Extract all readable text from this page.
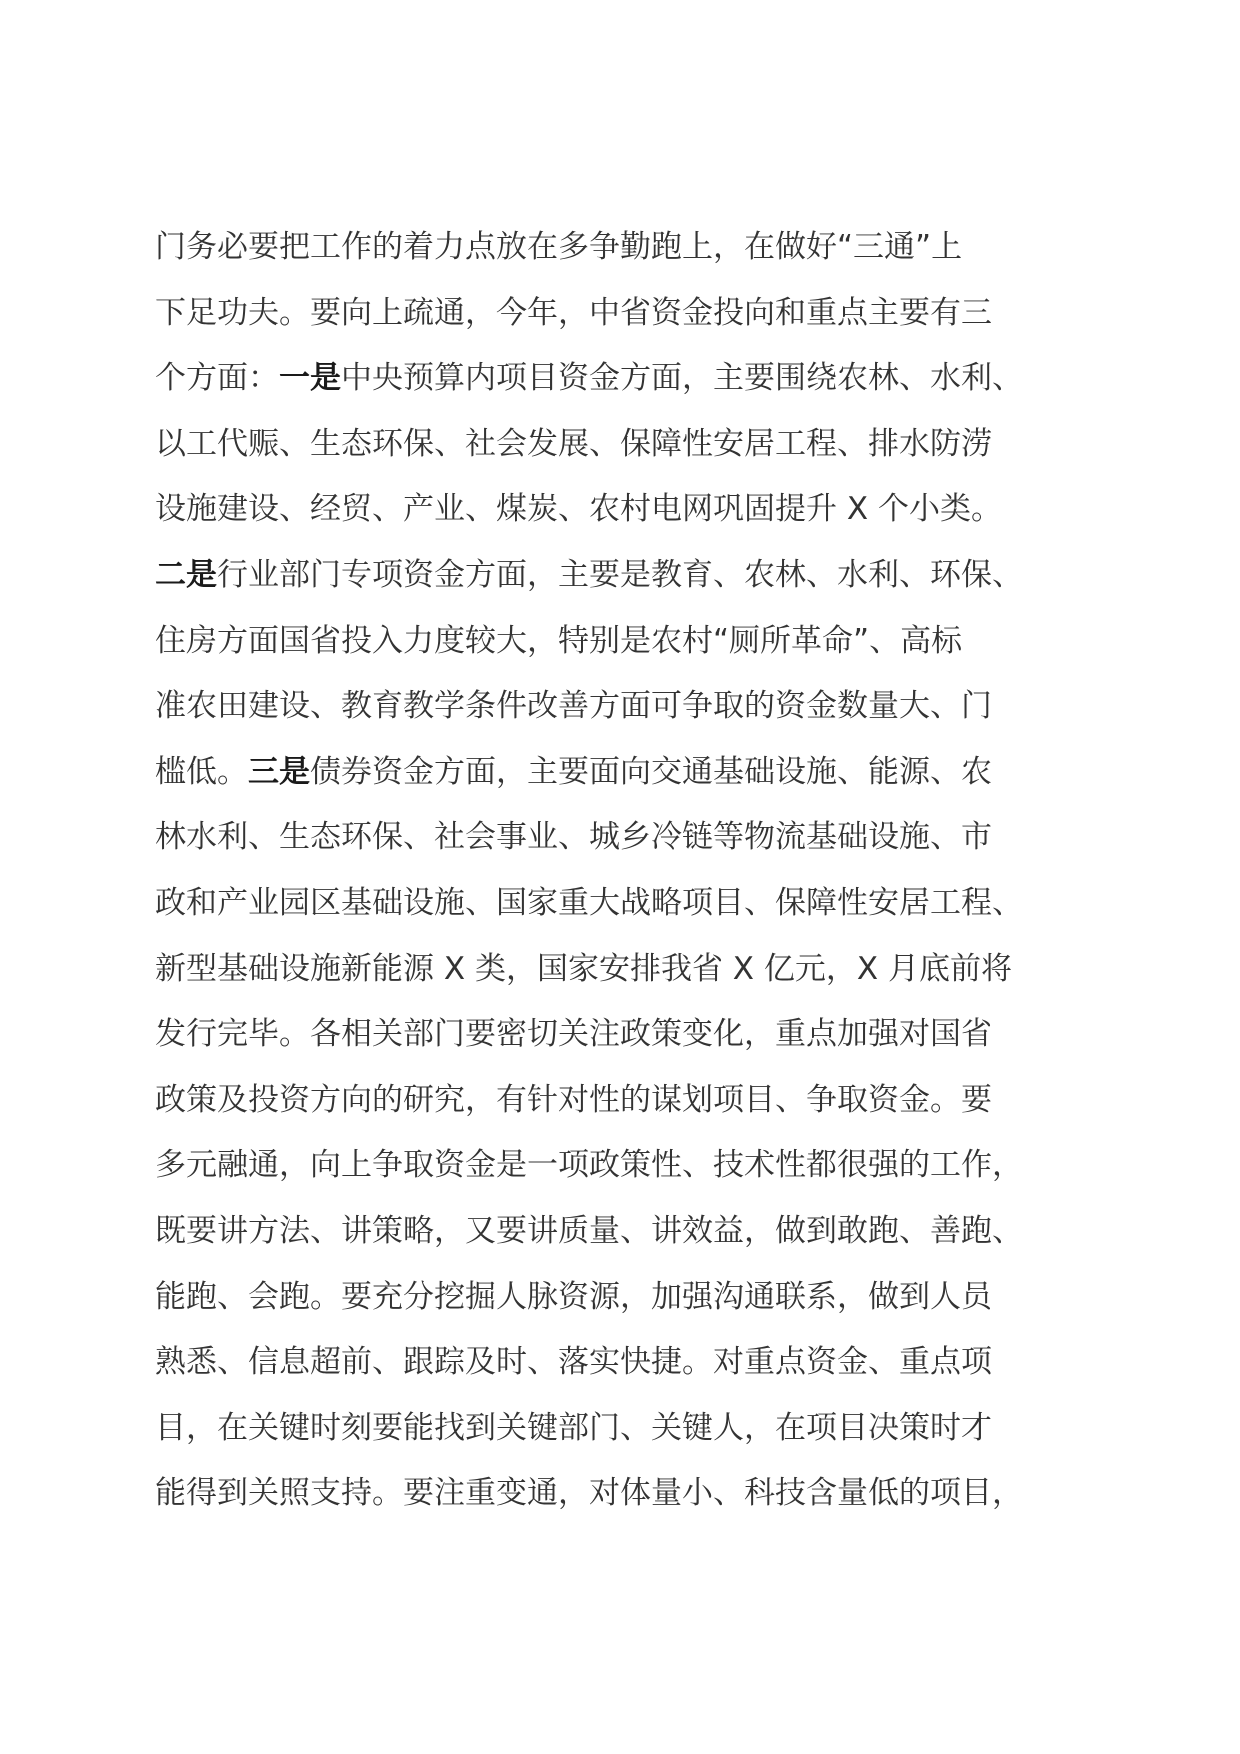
门务必要把工作的着力点放在多争勤跑上，在做好“三通”上
下足功夫。要向上疏通，今年，中省资金投向和重点主要有三
个方面：一是中央预算内项目资金方面，主要围绕农林、水利、
以工代赈、生态环保、社会发展、保障性安居工程、排水防涝
设施建设、经贸、产业、煤炭、农村电网巩固提升 X 个小类。
二是行业部门专项资金方面，主要是教育、农林、水利、环保、
住房方面国省投入力度较大，特别是农村“厕所革命”、高标
准农田建设、教育教学条件改善方面可争取的资金数量大、门
槛低。三是债券资金方面，主要面向交通基础设施、能源、农
林水利、生态环保、社会事业、城乡冷链等物流基础设施、市
政和产业园区基础设施、国家重大战略项目、保障性安居工程、
新型基础设施新能源 X 类，国家安排我省 X 亿元，X 月底前将
发行完毕。各相关部门要密切关注政策变化，重点加强对国省
政策及投资方向的研究，有针对性的谋划项目、争取资金。要
多元融通，向上争取资金是一项政策性、技术性都很强的工作，
既要讲方法、讲策略，又要讲质量、讲效益，做到敢跑、善跑、
能跑、会跑。要充分挖掘人脉资源，加强沟通联系，做到人员
熟悉、信息超前、跟踪及时、落实快捷。对重点资金、重点项
目，在关键时刻要能找到关键部门、关键人，在项目决策时才
能得到关照支持。要注重变通，对体量小、科技含量低的项目，
